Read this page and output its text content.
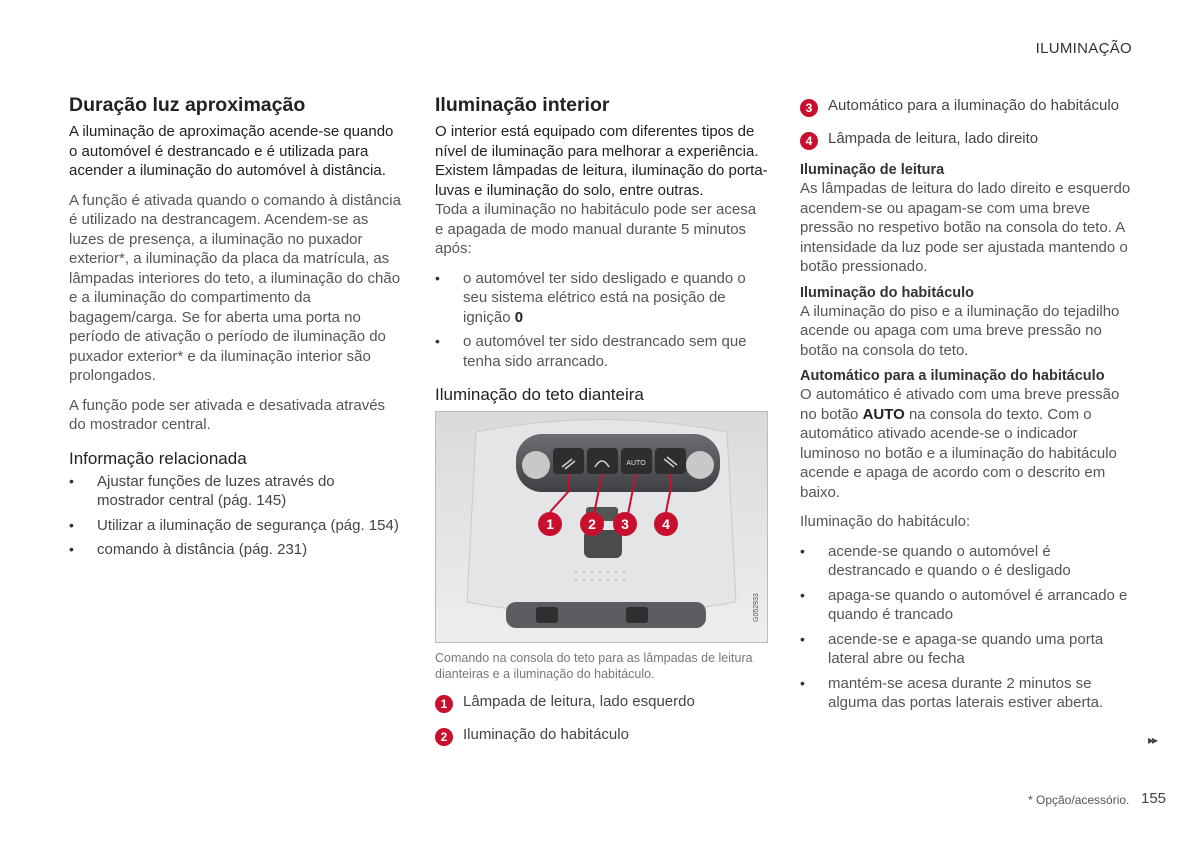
ILUMINAÇÃO
Duração luz aproximação

A iluminação de aproximação acende-se quando o automóvel é destrancado e é utilizada para acender a iluminação do automóvel à distância.

A função é ativada quando o comando à distância é utilizado na destrancagem. Acendem-se as luzes de presença, a iluminação no puxador exterior*, a iluminação da placa da matrícula, as lâmpadas interiores do teto, a iluminação do chão e a iluminação do compartimento da bagagem/carga. Se for aberta uma porta no período de ativação o período de iluminação do puxador exterior* e da iluminação interior são prolongados.

A função pode ser ativada e desativada através do mostrador central.

Informação relacionada
• Ajustar funções de luzes através do mostrador central (pág. 145)
• Utilizar a iluminação de segurança (pág. 154)
• comando à distância (pág. 231)
Iluminação interior

O interior está equipado com diferentes tipos de nível de iluminação para melhorar a experiência. Existem lâmpadas de leitura, iluminação do porta-luvas e iluminação do solo, entre outras.

Toda a iluminação no habitáculo pode ser acesa e apagada de modo manual durante 5 minutos após:

• o automóvel ter sido desligado e quando o seu sistema elétrico está na posição de ignição 0
• o automóvel ter sido destrancado sem que tenha sido arrancado.
Iluminação do teto dianteira
AUTO
1 2 3 4
G052933

Comando na consola do teto para as lâmpadas de leitura dianteiras e a iluminação do habitáculo.

1	Lâmpada de leitura, lado esquerdo
2	Iluminação do habitáculo
3	Automático para a iluminação do habitáculo
4	Lâmpada de leitura, lado direito
Iluminação de leitura

As lâmpadas de leitura do lado direito e esquerdo acendem-se ou apagam-se com uma breve pressão no respetivo botão na consola do teto. A intensidade da luz pode ser ajustada mantendo o botão pressionado.

Iluminação do habitáculo

A iluminação do piso e a iluminação do tejadilho acende ou apaga com uma breve pressão no botão na consola do teto.

Automático para a iluminação do habitáculo

O automático é ativado com uma breve pressão no botão AUTO na consola do texto. Com o automático ativado acende-se o indicador luminoso no botão e a iluminação do habitáculo acende e apaga de acordo com o descrito em baixo.

Iluminação do habitáculo:

• acende-se quando o automóvel é destrancado e quando o é desligado
• apaga-se quando o automóvel é arrancado e quando é trancado
• acende-se e apaga-se quando uma porta lateral abre ou fecha
• mantém-se acesa durante 2 minutos se alguma das portas laterais estiver aberta.
▸▸
* Opção/acessório. 155
